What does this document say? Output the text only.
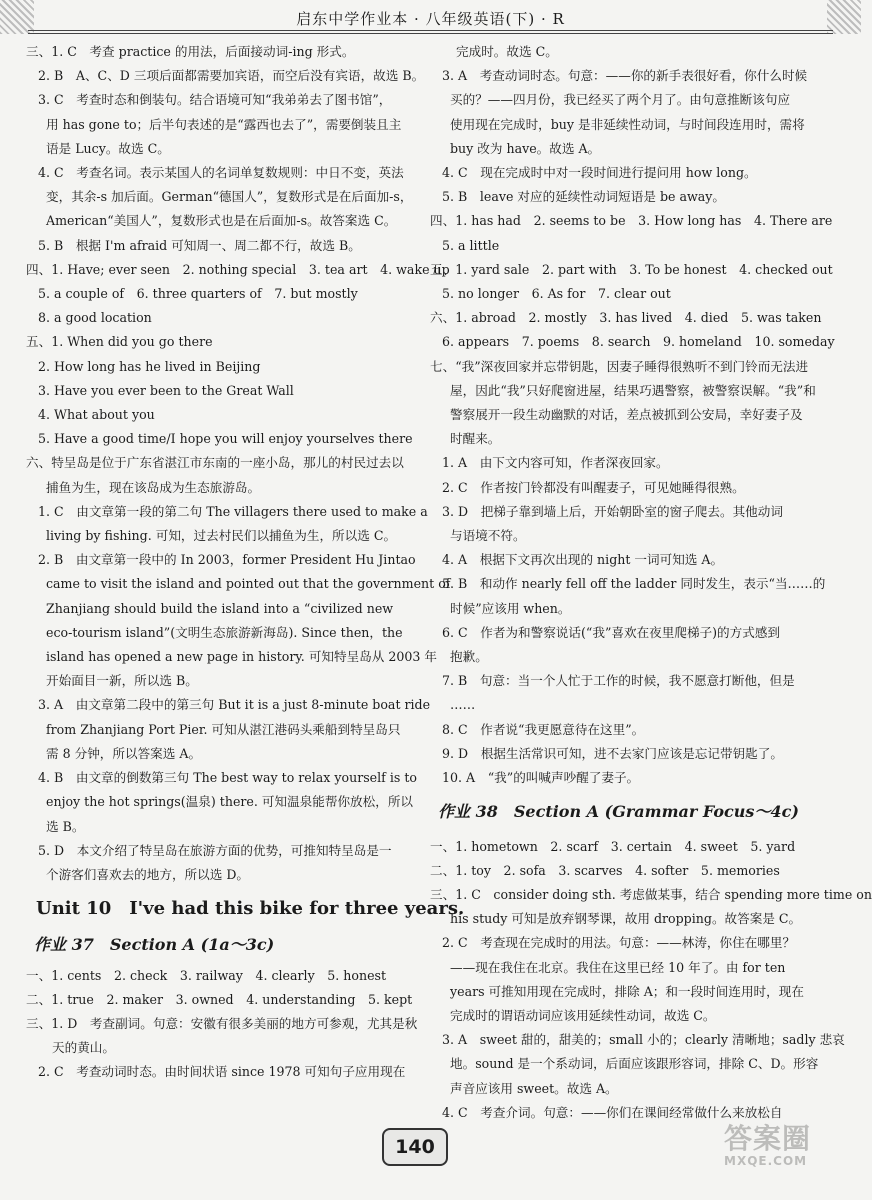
启东中学作业本 · 八年级英语(下) · R
三、1. C　考查 practice 的用法，后面接动词-ing 形式。
2. B　A、C、D 三项后面都需要加宾语，而空后没有宾语，故选 B。
3. C　考查时态和倒装句。结合语境可知“我弟弟去了图书馆”，
用 has gone to；后半句表述的是“露西也去了”，需要倒装且主
语是 Lucy。故选 C。
4. C　考查名词。表示某国人的名词单复数规则：中日不变，英法
变，其余-s 加后面。German“德国人”，复数形式是在后面加-s，
American“美国人”，复数形式也是在后面加-s。故答案选 C。
5. B　根据 I'm afraid 可知周一、周二都不行，故选 B。
四、1. Have; ever seen　2. nothing special　3. tea art　4. wake up
5. a couple of　6. three quarters of　7. but mostly
8. a good location
五、1. When did you go there
2. How long has he lived in Beijing
3. Have you ever been to the Great Wall
4. What about you
5. Have a good time/I hope you will enjoy yourselves there
六、特呈岛是位于广东省湛江市东南的一座小岛，那儿的村民过去以
捕鱼为生，现在该岛成为生态旅游岛。
1. C　由文章第一段的第二句 The villagers there used to make a
living by fishing. 可知，过去村民们以捕鱼为生，所以选 C。
2. B　由文章第一段中的 In 2003，former President Hu Jintao
came to visit the island and pointed out that the government of
Zhanjiang should build the island into a “civilized new
eco-tourism island”(文明生态旅游新海岛). Since then，the
island has opened a new page in history. 可知特呈岛从 2003 年
开始面目一新，所以选 B。
3. A　由文章第二段中的第三句 But it is a just 8-minute boat ride
from Zhanjiang Port Pier. 可知从湛江港码头乘船到特呈岛只
需 8 分钟，所以答案选 A。
4. B　由文章的倒数第三句 The best way to relax yourself is to
enjoy the hot springs(温泉) there. 可知温泉能帮你放松，所以
选 B。
5. D　本文介绍了特呈岛在旅游方面的优势，可推知特呈岛是一
个游客们喜欢去的地方，所以选 D。
Unit 10　I've had this bike for three years.
作业 37　Section A (1a～3c)
一、1. cents　2. check　3. railway　4. clearly　5. honest
二、1. true　2. maker　3. owned　4. understanding　5. kept
三、1. D　考查副词。句意：安徽有很多美丽的地方可参观，尤其是秋
天的黄山。
2. C　考查动词时态。由时间状语 since 1978 可知句子应用现在
完成时。故选 C。
3. A　考查动词时态。句意：——你的新手表很好看，你什么时候
买的？——四月份，我已经买了两个月了。由句意推断该句应
使用现在完成时，buy 是非延续性动词，与时间段连用时，需将
buy 改为 have。故选 A。
4. C　现在完成时中对一段时间进行提问用 how long。
5. B　leave 对应的延续性动词短语是 be away。
四、1. has had　2. seems to be　3. How long has　4. There are
5. a little
五、1. yard sale　2. part with　3. To be honest　4. checked out
5. no longer　6. As for　7. clear out
六、1. abroad　2. mostly　3. has lived　4. died　5. was taken
6. appears　7. poems　8. search　9. homeland　10. someday
七、“我”深夜回家并忘带钥匙，因妻子睡得很熟听不到门铃而无法进
屋，因此“我”只好爬窗进屋，结果巧遇警察，被警察误解。“我”和
警察展开一段生动幽默的对话，差点被抓到公安局，幸好妻子及
时醒来。
1. A　由下文内容可知，作者深夜回家。
2. C　作者按门铃都没有叫醒妻子，可见她睡得很熟。
3. D　把梯子靠到墙上后，开始朝卧室的窗子爬去。其他动词
与语境不符。
4. A　根据下文再次出现的 night 一词可知选 A。
5. B　和动作 nearly fell off the ladder 同时发生，表示“当……的
时候”应该用 when。
6. C　作者为和警察说话(“我”喜欢在夜里爬梯子)的方式感到
抱歉。
7. B　句意：当一个人忙于工作的时候，我不愿意打断他，但是
……
8. C　作者说“我更愿意待在这里”。
9. D　根据生活常识可知，进不去家门应该是忘记带钥匙了。
10. A　“我”的叫喊声吵醒了妻子。
作业 38　Section A (Grammar Focus～4c)
一、1. hometown　2. scarf　3. certain　4. sweet　5. yard
二、1. toy　2. sofa　3. scarves　4. softer　5. memories
三、1. C　consider doing sth. 考虑做某事，结合 spending more time on
his study 可知是放弃钢琴课，故用 dropping。故答案是 C。
2. C　考查现在完成时的用法。句意：——林涛，你住在哪里？
——现在我住在北京。我住在这里已经 10 年了。由 for ten
years 可推知用现在完成时，排除 A；和一段时间连用时，现在
完成时的谓语动词应该用延续性动词，故选 C。
3. A　sweet 甜的，甜美的；small 小的；clearly 清晰地；sadly 悲哀
地。sound 是一个系动词，后面应该跟形容词，排除 C、D。形容
声音应该用 sweet。故选 A。
4. C　考查介词。句意：——你们在课间经常做什么来放松自
140	答案圈
MXQE.COM
